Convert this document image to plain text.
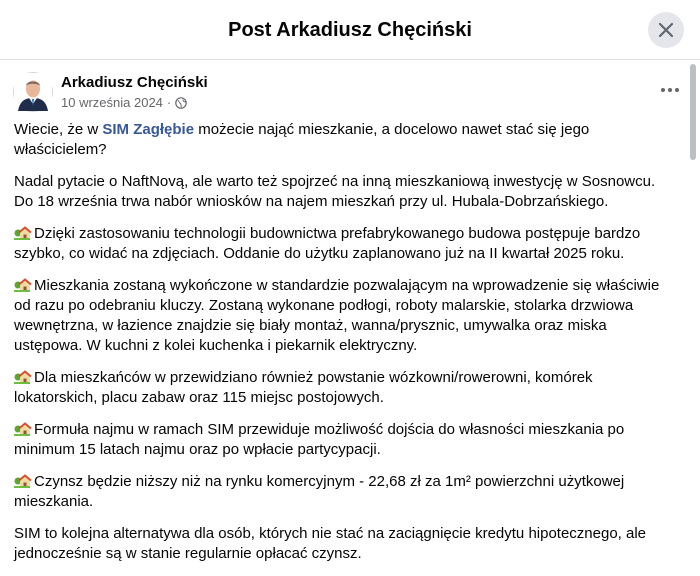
Post Arkadiusz Chęciński
Arkadiusz Chęciński
10 września 2024 ·

Wiecie, że w SIM Zagłębie możecie nająć mieszkanie, a docelowo nawet stać się jego właścicielem?

Nadal pytacie o NaftNovą, ale warto też spojrzeć na inną mieszkaniową inwestycję w Sosnowcu. Do 18 września trwa nabór wniosków na najem mieszkań przy ul. Hubala-Dobrzańskiego.

Dzięki zastosowaniu technologii budownictwa prefabrykowanego budowa postępuje bardzo szybko, co widać na zdjęciach. Oddanie do użytku zaplanowano już na II kwartał 2025 roku.

Mieszkania zostaną wykończone w standardzie pozwalającym na wprowadzenie się właściwie od razu po odebraniu kluczy. Zostaną wykonane podłogi, roboty malarskie, stolarka drzwiowa wewnętrzna, w łazience znajdzie się biały montaż, wanna/prysznic, umywalka oraz miska ustępowa. W kuchni z kolei kuchenka i piekarnik elektryczny.

Dla mieszkańców w przewidziano również powstanie wózkowni/rowerowni, komórek lokatorskich, placu zabaw oraz 115 miejsc postojowych.

Formuła najmu w ramach SIM przewiduje możliwość dojścia do własności mieszkania po minimum 15 latach najmu oraz po wpłacie partycypacji.

Czynsz będzie niższy niż na rynku komercyjnym - 22,68 zł za 1m² powierzchni użytkowej mieszkania.

SIM to kolejna alternatywa dla osób, których nie stać na zaciągnięcie kredytu hipotecznego, ale jednocześnie są w stanie regularnie opłacać czynsz.
